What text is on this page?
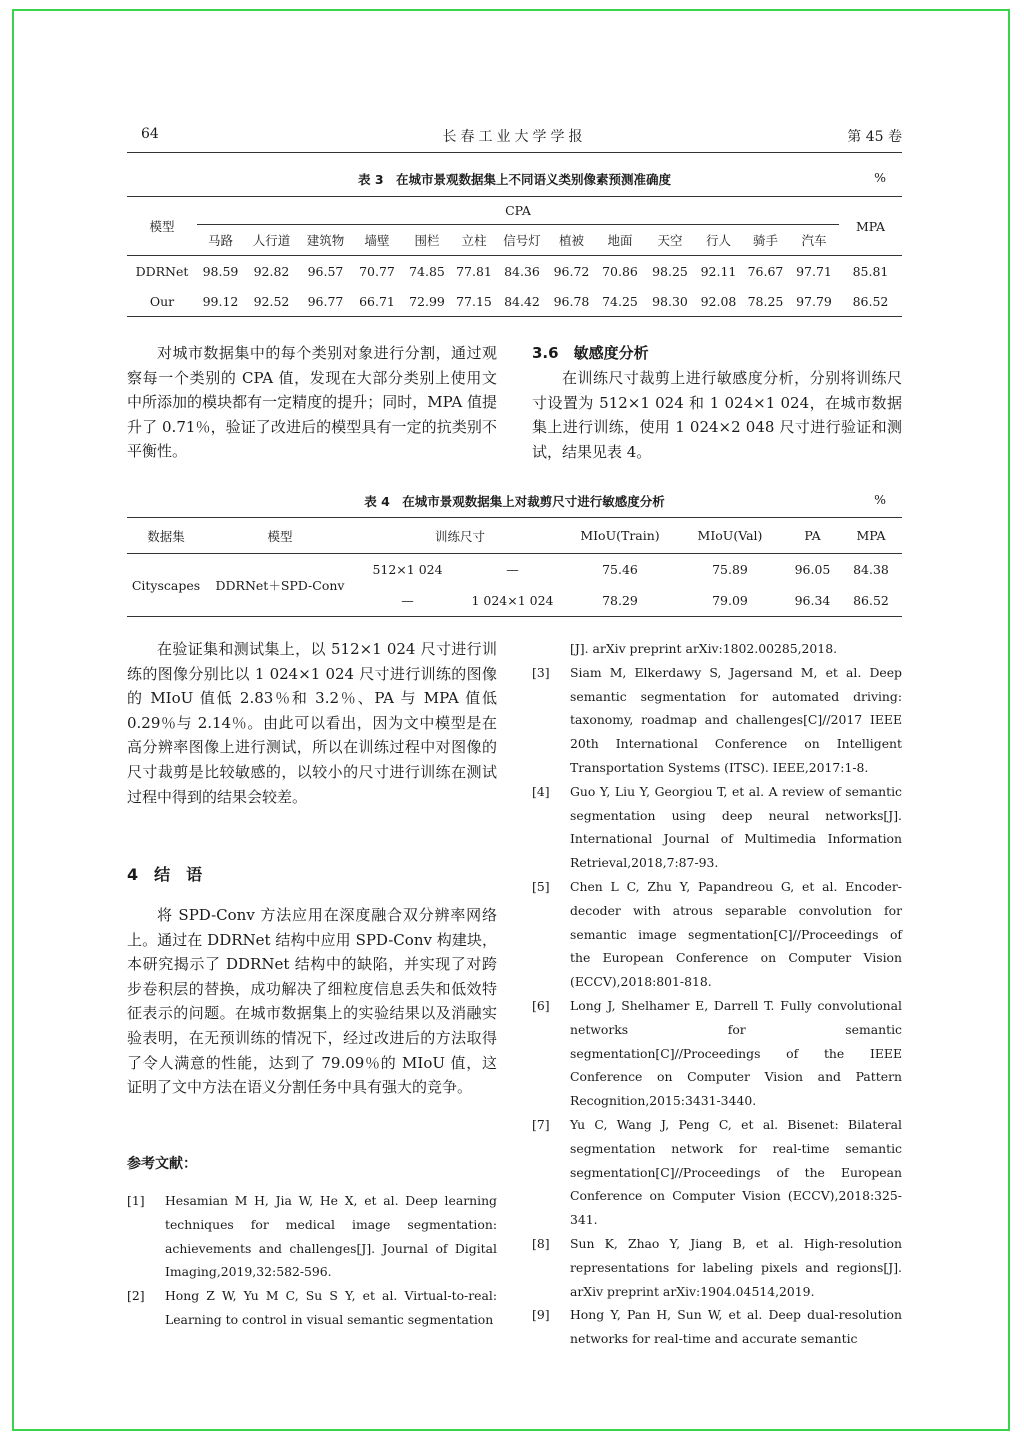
64	长春工业大学学报	第 45 卷
表 3　在城市景观数据集上不同语义类别像素预测准确度	%
模型	CPA													MPA
	马路	人行道	建筑物	墙壁	围栏	立柱	信号灯	植被	地面	天空	行人	骑手	汽车	
DDRNet	98.59	92.82	96.57	70.77	74.85	77.81	84.36	96.72	70.86	98.25	92.11	76.67	97.71	85.81
Our	99.12	92.52	96.77	66.71	72.99	77.15	84.42	96.78	74.25	98.30	92.08	78.25	97.79	86.52
对城市数据集中的每个类别对象进行分割，通过观察每一个类别的 CPA 值，发现在大部分类别上使用文中所添加的模块都有一定精度的提升；同时，MPA 值提升了 0.71％，验证了改进后的模型具有一定的抗类别不平衡性。
3.6　敏感度分析
在训练尺寸裁剪上进行敏感度分析，分别将训练尺寸设置为 512×1 024 和 1 024×1 024，在城市数据集上进行训练，使用 1 024×2 048 尺寸进行验证和测试，结果见表 4。
表 4　在城市景观数据集上对裁剪尺寸进行敏感度分析	%
数据集	模型	训练尺寸		MIoU(Train)	MIoU(Val)	PA	MPA
Cityscapes	DDRNet＋SPD-Conv	512×1 024	—	75.46	75.89	96.05	84.38
		—	1 024×1 024	78.29	79.09	96.34	86.52
在验证集和测试集上，以 512×1 024 尺寸进行训练的图像分别比以 1 024×1 024 尺寸进行训练的图像的 MIoU 值低 2.83％和 3.2％、PA 与 MPA 值低 0.29％与 2.14％。由此可以看出，因为文中模型是在高分辨率图像上进行测试，所以在训练过程中对图像的尺寸裁剪是比较敏感的，以较小的尺寸进行训练在测试过程中得到的结果会较差。
4　结　语
将 SPD-Conv 方法应用在深度融合双分辨率网络上。通过在 DDRNet 结构中应用 SPD-Conv 构建块，本研究揭示了 DDRNet 结构中的缺陷，并实现了对跨步卷积层的替换，成功解决了细粒度信息丢失和低效特征表示的问题。在城市数据集上的实验结果以及消融实验表明，在无预训练的情况下，经过改进后的方法取得了令人满意的性能，达到了 79.09％的 MIoU 值，这证明了文中方法在语义分割任务中具有强大的竞争。
参考文献：
[1] Hesamian M H, Jia W, He X, et al. Deep learning techniques for medical image segmentation: achievements and challenges[J]. Journal of Digital Imaging,2019,32:582-596.
[2] Hong Z W, Yu M C, Su S Y, et al. Virtual-to-real: Learning to control in visual semantic segmentation
[J]. arXiv preprint arXiv:1802.00285,2018.
[3] Siam M, Elkerdawy S, Jagersand M, et al. Deep semantic segmentation for automated driving: taxonomy, roadmap and challenges[C]//2017 IEEE 20th International Conference on Intelligent Transportation Systems (ITSC). IEEE,2017:1-8.
[4] Guo Y, Liu Y, Georgiou T, et al. A review of semantic segmentation using deep neural networks[J]. International Journal of Multimedia Information Retrieval,2018,7:87-93.
[5] Chen L C, Zhu Y, Papandreou G, et al. Encoder-decoder with atrous separable convolution for semantic image segmentation[C]//Proceedings of the European Conference on Computer Vision (ECCV),2018:801-818.
[6] Long J, Shelhamer E, Darrell T. Fully convolutional networks for semantic segmentation[C]//Proceedings of the IEEE Conference on Computer Vision and Pattern Recognition,2015:3431-3440.
[7] Yu C, Wang J, Peng C, et al. Bisenet: Bilateral segmentation network for real-time semantic segmentation[C]//Proceedings of the European Conference on Computer Vision (ECCV),2018:325-341.
[8] Sun K, Zhao Y, Jiang B, et al. High-resolution representations for labeling pixels and regions[J]. arXiv preprint arXiv:1904.04514,2019.
[9] Hong Y, Pan H, Sun W, et al. Deep dual-resolution networks for real-time and accurate semantic
